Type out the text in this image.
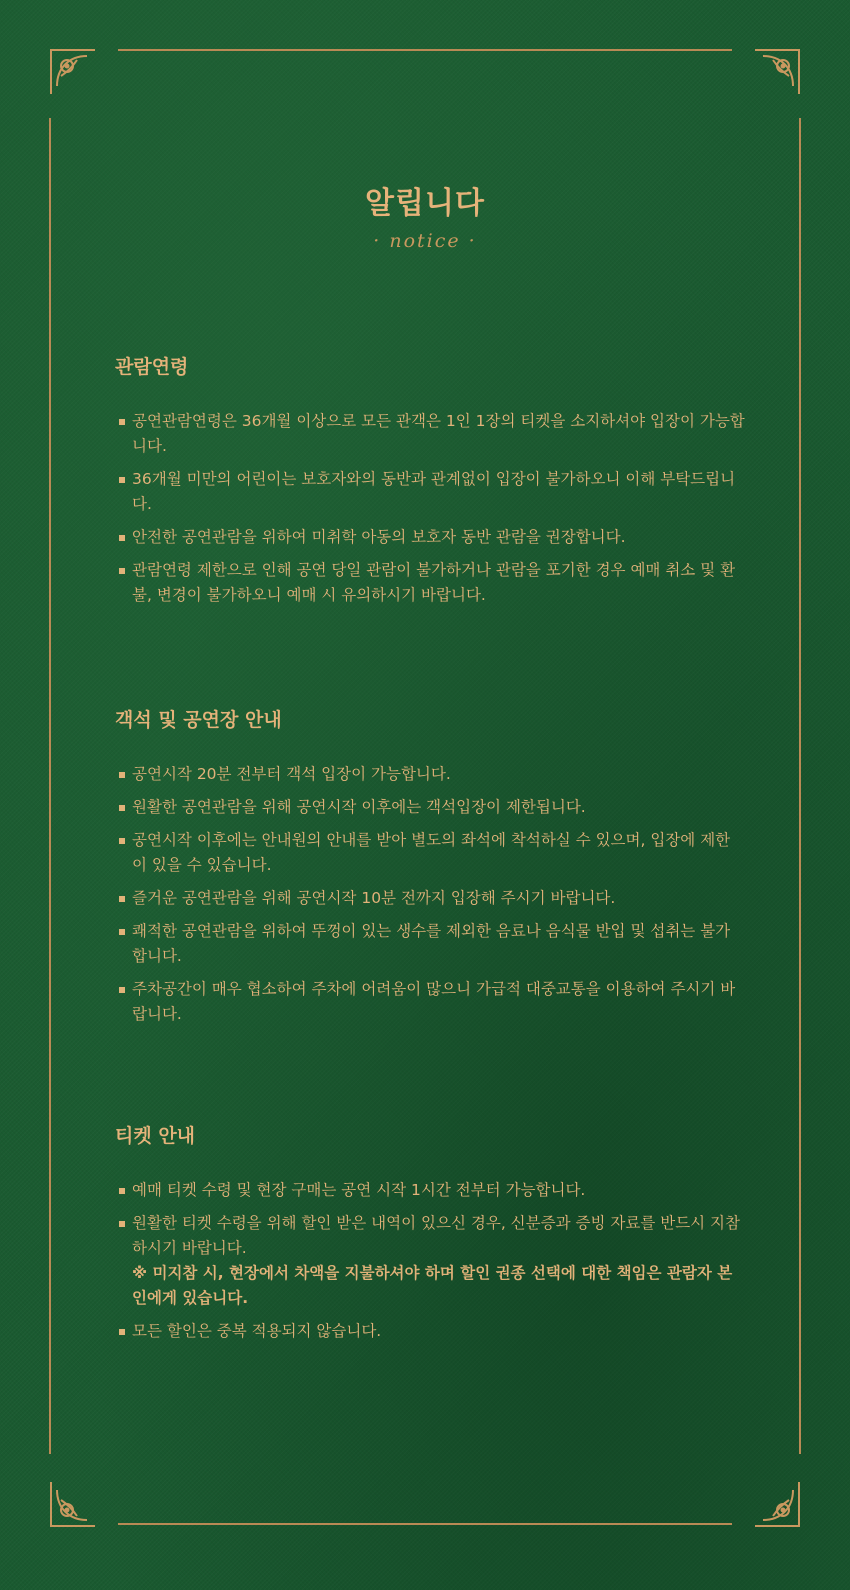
알립니다
· notice ·
관람연령
공연관람연령은 36개월 이상으로 모든 관객은 1인 1장의 티켓을 소지하셔야 입장이 가능합니다.
36개월 미만의 어린이는 보호자와의 동반과 관계없이 입장이 불가하오니 이해 부탁드립니다.
안전한 공연관람을 위하여 미취학 아동의 보호자 동반 관람을 권장합니다.
관람연령 제한으로 인해 공연 당일 관람이 불가하거나 관람을 포기한 경우 예매 취소 및 환불, 변경이 불가하오니 예매 시 유의하시기 바랍니다.
객석 및 공연장 안내
공연시작 20분 전부터 객석 입장이 가능합니다.
원활한 공연관람을 위해 공연시작 이후에는 객석입장이 제한됩니다.
공연시작 이후에는 안내원의 안내를 받아 별도의 좌석에 착석하실 수 있으며, 입장에 제한이 있을 수 있습니다.
즐거운 공연관람을 위해 공연시작 10분 전까지 입장해 주시기 바랍니다.
쾌적한 공연관람을 위하여 뚜껑이 있는 생수를 제외한 음료나 음식물 반입 및 섭취는 불가합니다.
주차공간이 매우 협소하여 주차에 어려움이 많으니 가급적 대중교통을 이용하여 주시기 바랍니다.
티켓 안내
예매 티켓 수령 및 현장 구매는 공연 시작 1시간 전부터 가능합니다.
원활한 티켓 수령을 위해 할인 받은 내역이 있으신 경우, 신분증과 증빙 자료를 반드시 지참하시기 바랍니다.
※ 미지참 시, 현장에서 차액을 지불하셔야 하며 할인 권종 선택에 대한 책임은 관람자 본인에게 있습니다.
모든 할인은 중복 적용되지 않습니다.
